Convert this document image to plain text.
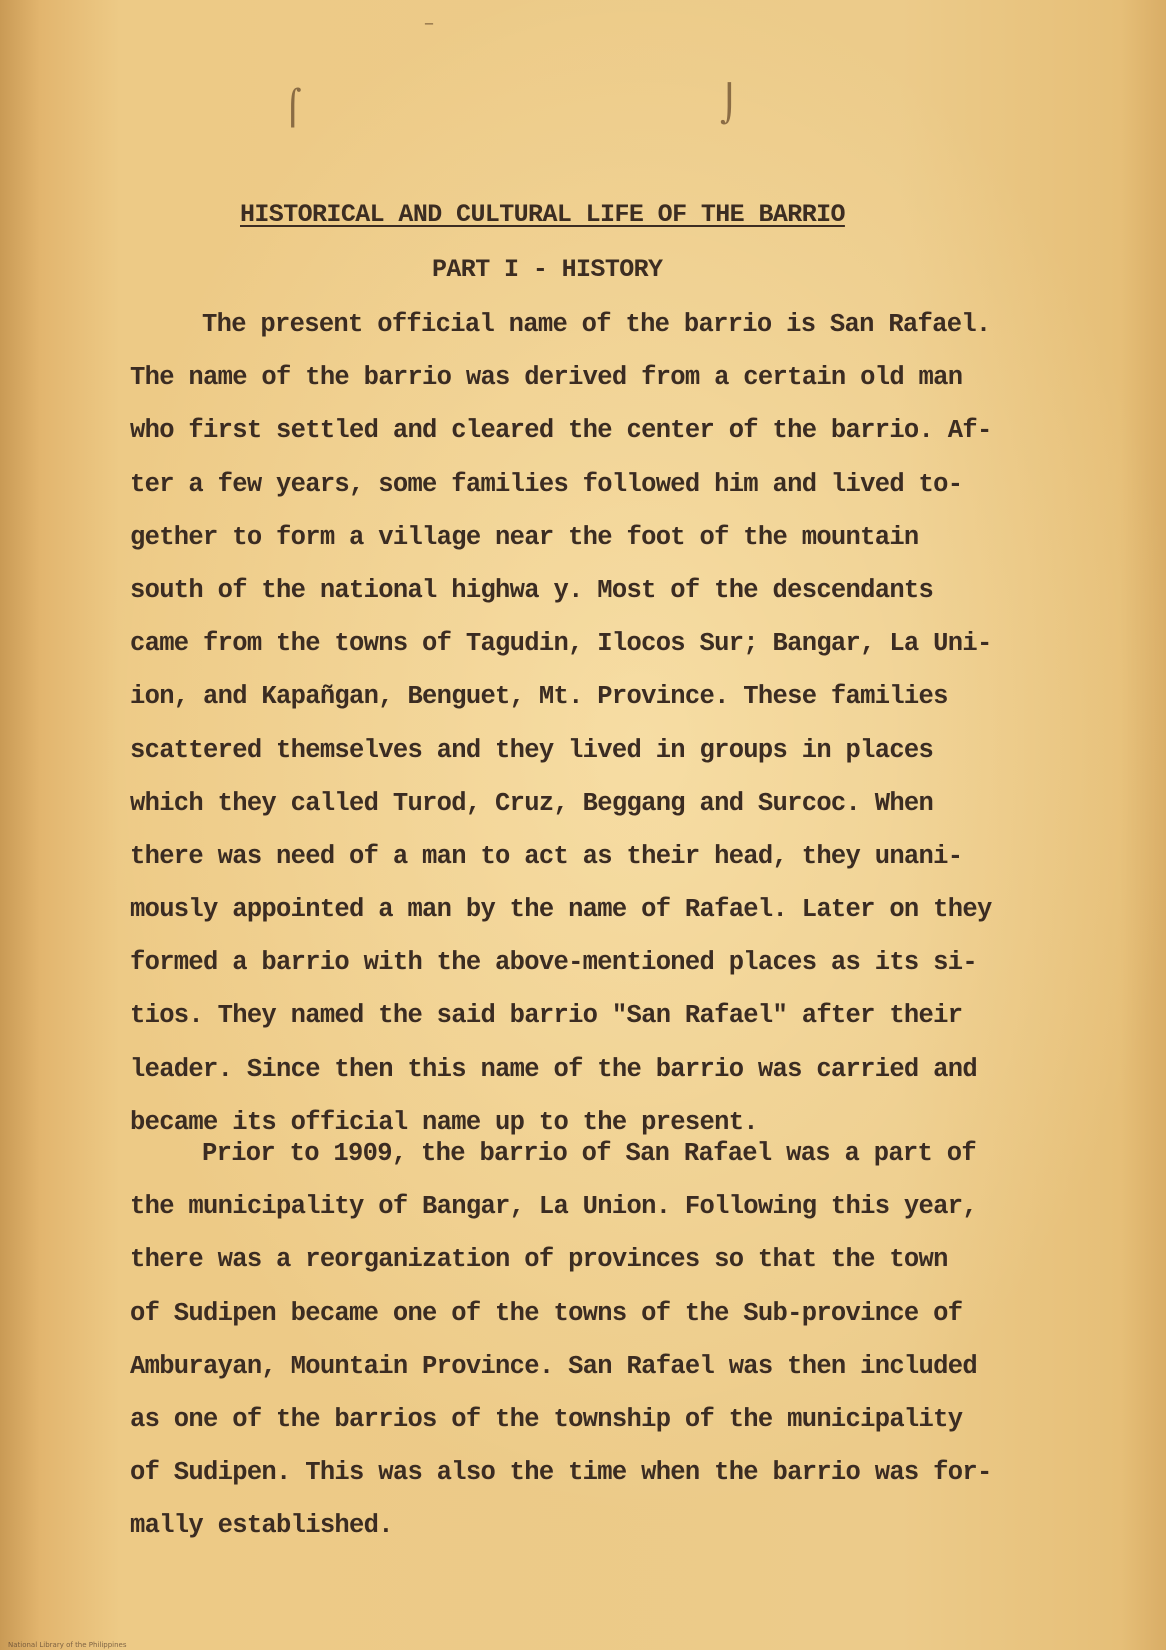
⌠	⌡
–
HISTORICAL AND CULTURAL LIFE OF THE BARRIO
PART I - HISTORY

The present official name of the barrio is San Rafael.
The name of the barrio was derived from a certain old man
who first settled and cleared the center of the barrio. Af-
ter a few years, some families followed him and lived to-
gether to form a village near the foot of the mountain
south of the national highwa y. Most of the descendants
came from the towns of Tagudin, Ilocos Sur; Bangar, La Uni-
ion, and Kapañgan, Benguet, Mt. Province. These families
scattered themselves and they lived in groups in places
which they called Turod, Cruz, Beggang and Surcoc. When
there was need of a man to act as their head, they unani-
mously appointed a man by the name of Rafael. Later on they
formed a barrio with the above-mentioned places as its si-
tios. They named the said barrio "San Rafael" after their
leader. Since then this name of the barrio was carried and
became its official name up to the present.

Prior to 1909, the barrio of San Rafael was a part of
the municipality of Bangar, La Union. Following this year,
there was a reorganization of provinces so that the town
of Sudipen became one of the towns of the Sub-province of
Amburayan, Mountain Province. San Rafael was then included
as one of the barrios of the township of the municipality
of Sudipen. This was also the time when the barrio was for-
mally established.

National Library of the Philippines
